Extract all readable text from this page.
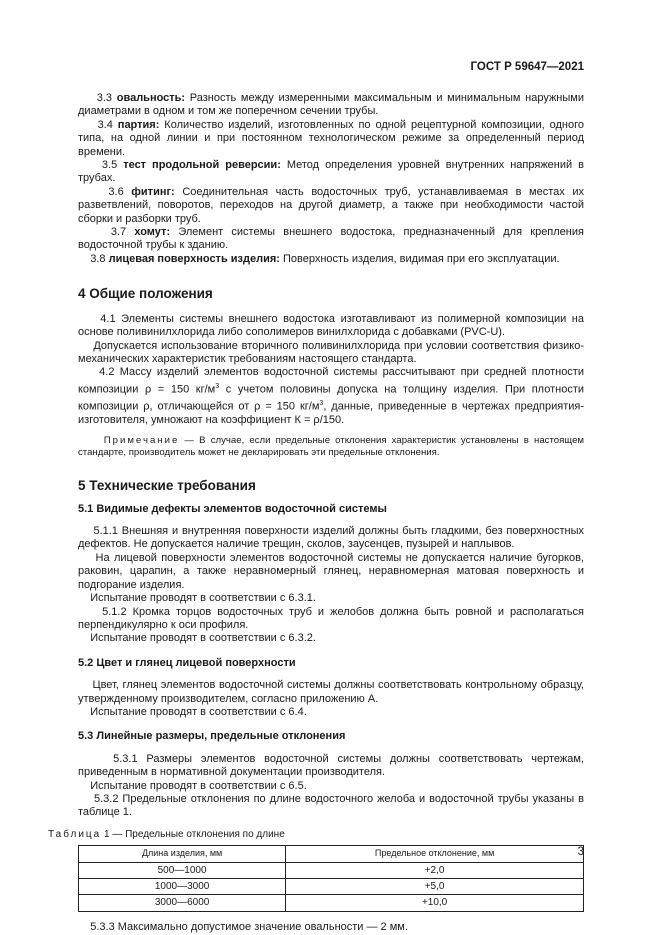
ГОСТ Р 59647—2021

3.3 овальность: Разность между измеренными максимальным и минимальным наружными диаметрами в одном и том же поперечном сечении трубы.

3.4 партия: Количество изделий, изготовленных по одной рецептурной композиции, одного типа, на одной линии и при постоянном технологическом режиме за определенный период времени.

3.5 тест продольной реверсии: Метод определения уровней внутренних напряжений в трубах.

3.6 фитинг: Соединительная часть водосточных труб, устанавливаемая в местах их разветвлений, поворотов, переходов на другой диаметр, а также при необходимости частой сборки и разборки труб.

3.7 хомут: Элемент системы внешнего водостока, предназначенный для крепления водосточной трубы к зданию.

3.8 лицевая поверхность изделия: Поверхность изделия, видимая при его эксплуатации.

4 Общие положения

4.1 Элементы системы внешнего водостока изготавливают из полимерной композиции на основе поливинилхлорида либо сополимеров винилхлорида с добавками (PVC-U).

Допускается использование вторичного поливинилхлорида при условии соответствия физико-механических характеристик требованиям настоящего стандарта.

4.2 Массу изделий элементов водосточной системы рассчитывают при средней плотности композиции ρ = 150 $кг/м^3$ с учетом половины допуска на толщину изделия. При плотности композиции ρ, отличающейся от ρ = 150 $кг/м^3$, данные, приведенные в чертежах предприятия-изготовителя, умножают на коэффициент К = ρ/150.

Примечание — В случае, если предельные отклонения характеристик установлены в настоящем стандарте, производитель может не декларировать эти предельные отклонения.

5 Технические требования
5.1 Видимые дефекты элементов водосточной системы

5.1.1 Внешняя и внутренняя поверхности изделий должны быть гладкими, без поверхностных дефектов. Не допускается наличие трещин, сколов, заусенцев, пузырей и наплывов.

На лицевой поверхности элементов водосточной системы не допускается наличие бугорков, раковин, царапин, а также неравномерный глянец, неравномерная матовая поверхность и подгорание изделия.

Испытание проводят в соответствии с 6.3.1.

5.1.2 Кромка торцов водосточных труб и желобов должна быть ровной и располагаться перпендикулярно к оси профиля.

Испытание проводят в соответствии с 6.3.2.

5.2 Цвет и глянец лицевой поверхности

Цвет, глянец элементов водосточной системы должны соответствовать контрольному образцу, утвержденному производителем, согласно приложению А.

Испытание проводят в соответствии с 6.4.

5.3 Линейные размеры, предельные отклонения

5.3.1 Размеры элементов водосточной системы должны соответствовать чертежам, приведенным в нормативной документации производителя.

Испытание проводят в соответствии с 6.5.

5.3.2 Предельные отклонения по длине водосточного желоба и водосточной трубы указаны в таблице 1.

Таблица 1 — Предельные отклонения по длине
Длина изделия, мм	Предельное отклонение, мм
500—1000	+2,0
1000—3000	+5,0
3000—6000	+10,0

5.3.3 Максимально допустимое значение овальности — 2 мм.

3
